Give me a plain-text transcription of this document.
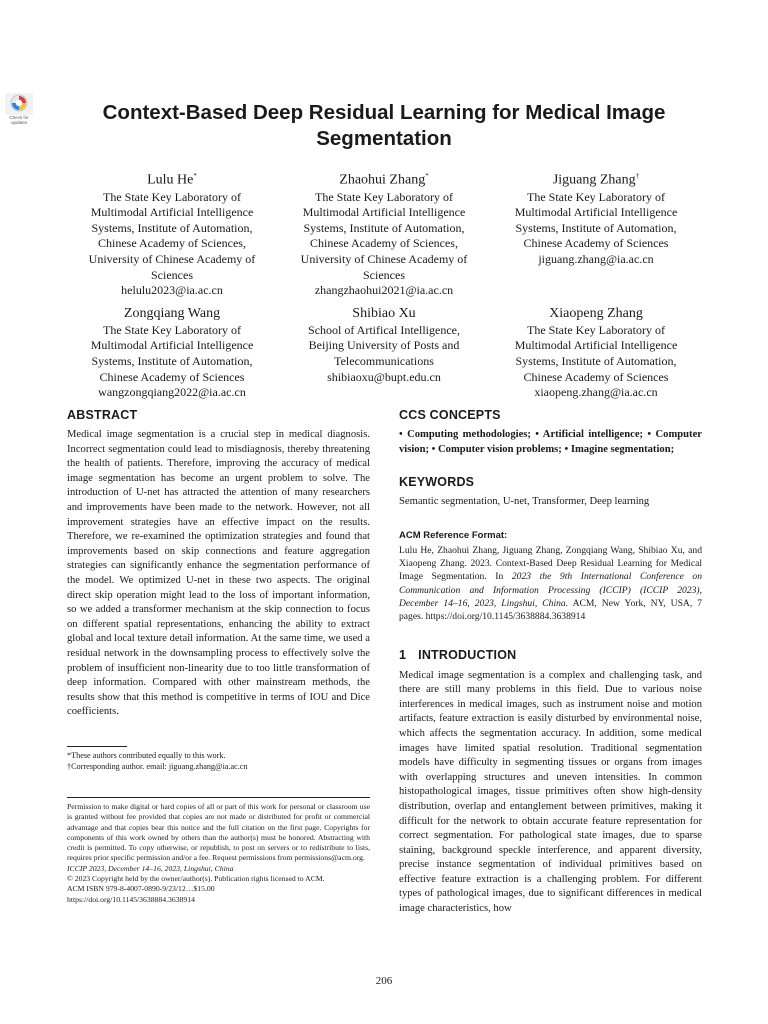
Check for
updates	Context-Based Deep Residual Learning for Medical Image Segmentation
Lulu He*
The State Key Laboratory of
Multimodal Artificial Intelligence
Systems, Institute of Automation,
Chinese Academy of Sciences,
University of Chinese Academy of
Sciences
helulu2023@ia.ac.cn
Zhaohui Zhang*
The State Key Laboratory of
Multimodal Artificial Intelligence
Systems, Institute of Automation,
Chinese Academy of Sciences,
University of Chinese Academy of
Sciences
zhangzhaohui2021@ia.ac.cn
Jiguang Zhang†
The State Key Laboratory of
Multimodal Artificial Intelligence
Systems, Institute of Automation,
Chinese Academy of Sciences
jiguang.zhang@ia.ac.cn
Zongqiang Wang
The State Key Laboratory of
Multimodal Artificial Intelligence
Systems, Institute of Automation,
Chinese Academy of Sciences
wangzongqiang2022@ia.ac.cn
Shibiao Xu
School of Artifical Intelligence,
Beijing University of Posts and
Telecommunications
shibiaoxu@bupt.edu.cn
Xiaopeng Zhang
The State Key Laboratory of
Multimodal Artificial Intelligence
Systems, Institute of Automation,
Chinese Academy of Sciences
xiaopeng.zhang@ia.ac.cn
ABSTRACT

Medical image segmentation is a crucial step in medical diagnosis. Incorrect segmentation could lead to misdiagnosis, thereby threatening the health of patients. Therefore, improving the accuracy of medical image segmentation has become an urgent problem to solve. The introduction of U-net has attracted the attention of many researchers and improvements have been made to the network. However, not all improvement strategies have an effective impact on the results. Therefore, we re-examined the optimization strategies and found that improvements based on skip connections and feature aggregation strategies can significantly enhance the segmentation performance of the model. We optimized U-net in these two aspects. The original direct skip operation might lead to the loss of important information, so we added a transformer mechanism at the skip connection to focus on different spatial representations, enhancing the ability to extract global and local texture detail information. At the same time, we used a residual network in the downsampling process to effectively solve the problem of insufficient non-linearity due to too little transformation of deep information. Compared with other mainstream methods, the results show that this method is competitive in terms of IOU and Dice coefficients.

*These authors contributed equally to this work.

†Corresponding author. email: jiguang.zhang@ia.ac.cn

Permission to make digital or hard copies of all or part of this work for personal or classroom use is granted without fee provided that copies are not made or distributed for profit or commercial advantage and that copies bear this notice and the full citation on the first page. Copyrights for components of this work owned by others than the author(s) must be honored. Abstracting with credit is permitted. To copy otherwise, or republish, to post on servers or to redistribute to lists, requires prior specific permission and/or a fee. Request permissions from permissions@acm.org.

ICCIP 2023, December 14–16, 2023, Lingshui, China

© 2023 Copyright held by the owner/author(s). Publication rights licensed to ACM.

ACM ISBN 979-8-4007-0890-9/23/12…$15.00

https://doi.org/10.1145/3638884.3638914

CCS CONCEPTS

• Computing methodologies; • Artificial intelligence; • Computer vision; • Computer vision problems; • Imagine segmentation;

KEYWORDS

Semantic segmentation, U-net, Transformer, Deep learning

ACM Reference Format:

Lulu He, Zhaohui Zhang, Jiguang Zhang, Zongqiang Wang, Shibiao Xu, and Xiaopeng Zhang. 2023. Context-Based Deep Residual Learning for Medical Image Segmentation. In 2023 the 9th International Conference on Communication and Information Processing (ICCIP) (ICCIP 2023), December 14–16, 2023, Lingshui, China. ACM, New York, NY, USA, 7 pages. https://doi.org/10.1145/3638884.3638914

1 INTRODUCTION

Medical image segmentation is a complex and challenging task, and there are still many problems in this field. Due to various noise interferences in medical images, such as instrument noise and motion artifacts, feature extraction is easily disturbed by environmental noise, which affects the segmentation accuracy. In addition, some medical images have limited spatial resolution. Traditional segmentation models have difficulty in segmenting tissues or organs from images with overlapping structures and uneven intensities. In common histopathological images, tissue primitives often show high-density distribution, overlap and entanglement between primitives, making it difficult for the network to obtain accurate feature representation for correct segmentation. For pathological state images, due to sparse staining, background speckle interference, and apparent diversity, precise instance segmentation of individual primitives based on effective feature extraction is a challenging problem. For different types of pathological images, due to significant differences in medical image characteristics, how

206
